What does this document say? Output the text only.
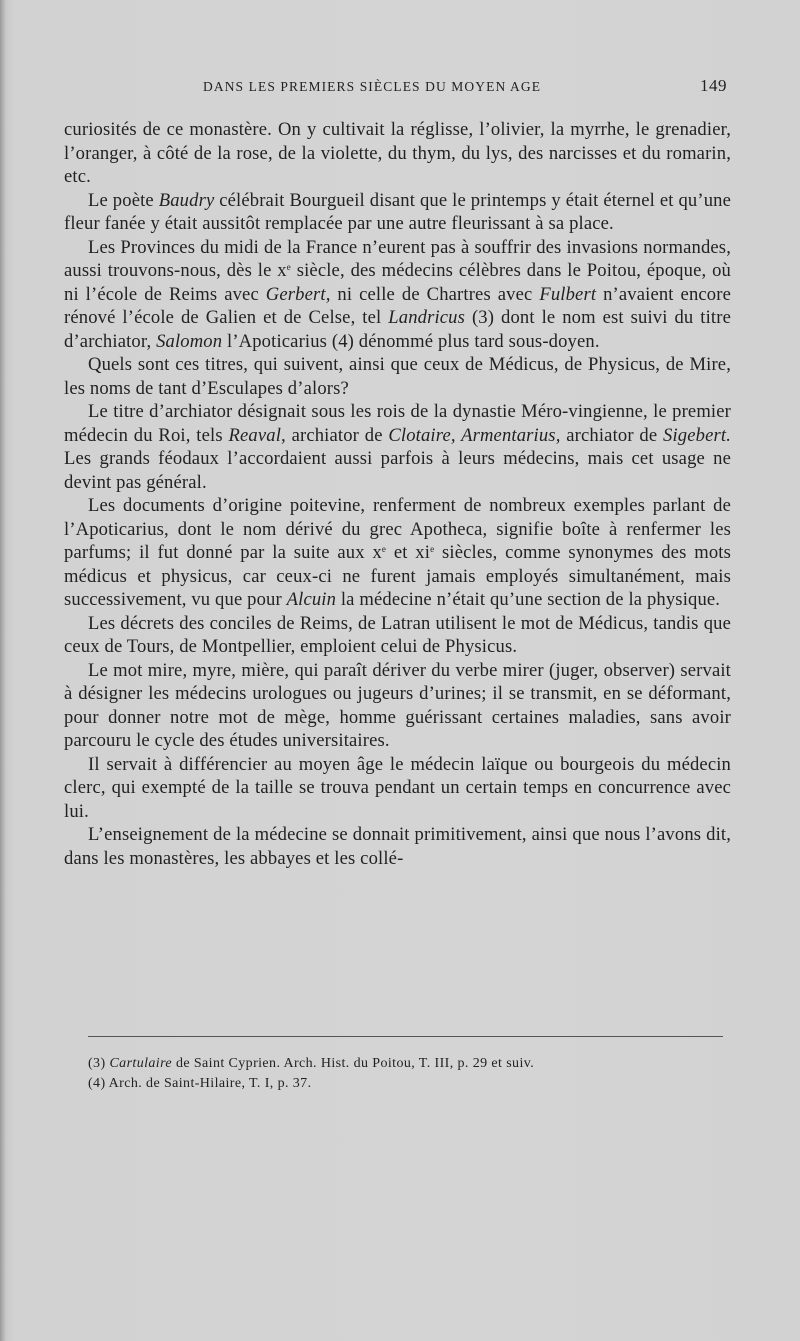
DANS LES PREMIERS SIÈCLES DU MOYEN AGE	149

curiosités de ce monastère. On y cultivait la réglisse, l’olivier, la myrrhe, le grenadier, l’oranger, à côté de la rose, de la violette, du thym, du lys, des narcisses et du romarin, etc.

Le poète Baudry célébrait Bourgueil disant que le printemps y était éternel et qu’une fleur fanée y était aussitôt remplacée par une autre fleurissant à sa place.

Les Provinces du midi de la France n’eurent pas à souffrir des invasions normandes, aussi trouvons-nous, dès le $x^e$ siècle, des médecins célèbres dans le Poitou, époque, où ni l’école de Reims avec Gerbert, ni celle de Chartres avec Fulbert n’avaient encore rénové l’école de Galien et de Celse, tel Landricus (3) dont le nom est suivi du titre d’archiator, Salomon l’Apoticarius (4) dénommé plus tard sous-doyen.

Quels sont ces titres, qui suivent, ainsi que ceux de Médicus, de Physicus, de Mire, les noms de tant d’Esculapes d’alors?

Le titre d’archiator désignait sous les rois de la dynastie Méro-vingienne, le premier médecin du Roi, tels Reaval, archiator de Clotaire, Armentarius, archiator de Sigebert. Les grands féodaux l’accordaient aussi parfois à leurs médecins, mais cet usage ne devint pas général.

Les documents d’origine poitevine, renferment de nombreux exemples parlant de l’Apoticarius, dont le nom dérivé du grec Apotheca, signifie boîte à renfermer les parfums; il fut donné par la suite aux $x^e$ et $xi^e$ siècles, comme synonymes des mots médicus et physicus, car ceux-ci ne furent jamais employés simultanément, mais successivement, vu que pour Alcuin la médecine n’était qu’une section de la physique.

Les décrets des conciles de Reims, de Latran utilisent le mot de Médicus, tandis que ceux de Tours, de Montpellier, emploient celui de Physicus.

Le mot mire, myre, mière, qui paraît dériver du verbe mirer (juger, observer) servait à désigner les médecins urologues ou jugeurs d’urines; il se transmit, en se déformant, pour donner notre mot de mège, homme guérissant certaines maladies, sans avoir parcouru le cycle des études universitaires.

Il servait à différencier au moyen âge le médecin laïque ou bourgeois du médecin clerc, qui exempté de la taille se trouva pendant un certain temps en concurrence avec lui.

L’enseignement de la médecine se donnait primitivement, ainsi que nous l’avons dit, dans les monastères, les abbayes et les collé-

(3) Cartulaire de Saint Cyprien. Arch. Hist. du Poitou, T. III, p. 29 et suiv.
(4) Arch. de Saint-Hilaire, T. I, p. 37.
